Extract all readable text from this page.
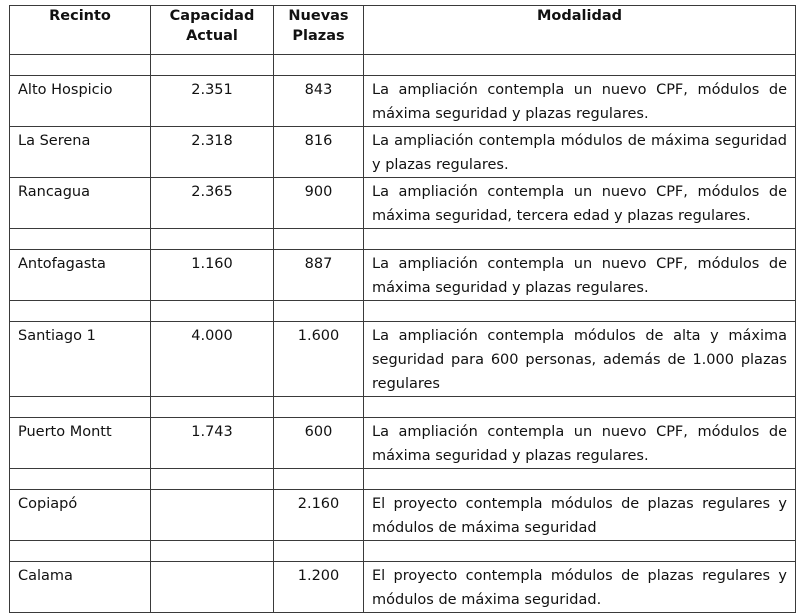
Recinto	Capacidad Actual	Nuevas Plazas	Modalidad

Alto Hospicio	2.351	843	La ampliación contempla un nuevo CPF, módulos de máxima seguridad y plazas regulares.
La Serena	2.318	816	La ampliación contempla módulos de máxima seguridad y plazas regulares.
Rancagua	2.365	900	La ampliación contempla un nuevo CPF, módulos de máxima seguridad, tercera edad y plazas regulares.

Antofagasta	1.160	887	La ampliación contempla un nuevo CPF, módulos de máxima seguridad y plazas regulares.

Santiago 1	4.000	1.600	La ampliación contempla módulos de alta y máxima seguridad para 600 personas, además de 1.000 plazas regulares

Puerto Montt	1.743	600	La ampliación contempla un nuevo CPF, módulos de máxima seguridad y plazas regulares.

Copiapó		2.160	El proyecto contempla módulos de plazas regulares y módulos de máxima seguridad

Calama		1.200	El proyecto contempla módulos de plazas regulares y módulos de máxima seguridad.
